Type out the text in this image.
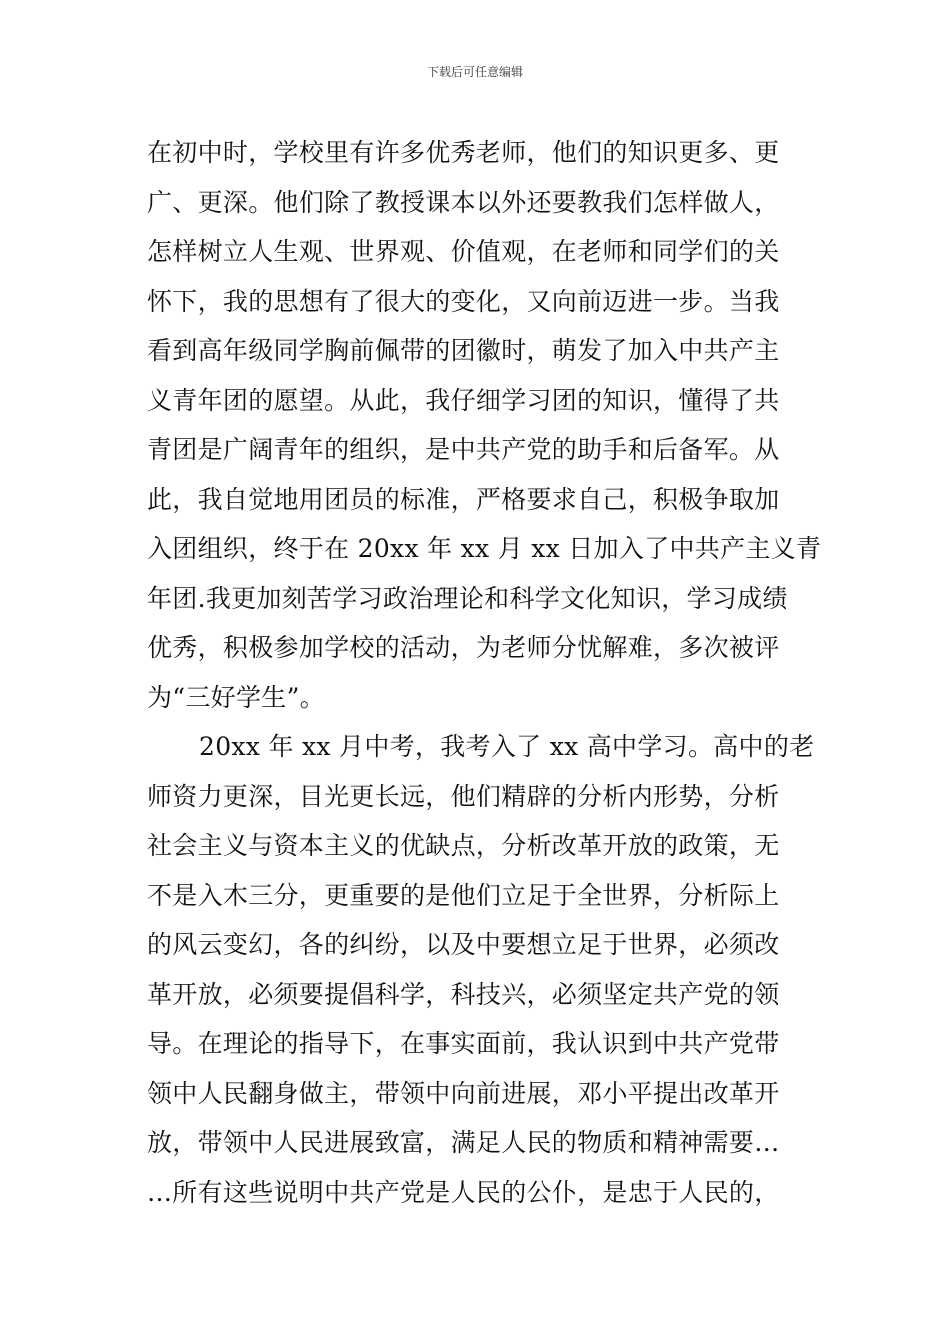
下载后可任意编辑
在初中时，学校里有许多优秀老师，他们的知识更多、更
广、更深。他们除了教授课本以外还要教我们怎样做人，
怎样树立人生观、世界观、价值观，在老师和同学们的关
怀下，我的思想有了很大的变化，又向前迈进一步。当我
看到高年级同学胸前佩带的团徽时，萌发了加入中共产主
义青年团的愿望。从此，我仔细学习团的知识，懂得了共
青团是广阔青年的组织，是中共产党的助手和后备军。从
此，我自觉地用团员的标准，严格要求自己，积极争取加
入团组织，终于在 20xx 年 xx 月 xx 日加入了中共产主义青
年团.我更加刻苦学习政治理论和科学文化知识，学习成绩
优秀，积极参加学校的活动，为老师分忧解难，多次被评
为“三好学生”。
20xx 年 xx 月中考，我考入了 xx 高中学习。高中的老
师资力更深，目光更长远，他们精辟的分析内形势，分析
社会主义与资本主义的优缺点，分析改革开放的政策，无
不是入木三分，更重要的是他们立足于全世界，分析际上
的风云变幻，各的纠纷，以及中要想立足于世界，必须改
革开放，必须要提倡科学，科技兴，必须坚定共产党的领
导。在理论的指导下，在事实面前，我认识到中共产党带
领中人民翻身做主，带领中向前进展，邓小平提出改革开
放，带领中人民进展致富，满足人民的物质和精神需要…
…所有这些说明中共产党是人民的公仆，是忠于人民的，
